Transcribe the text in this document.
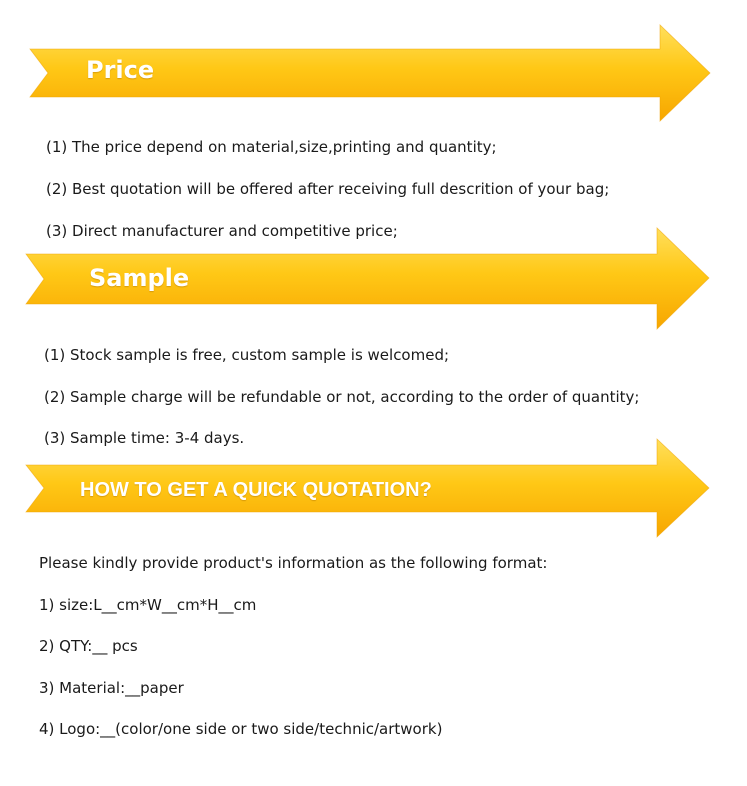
Price
(1) The price depend on material,size,printing and quantity;
(2) Best quotation will be offered after receiving full descrition of your bag;
(3) Direct manufacturer and competitive price;
Sample
(1) Stock sample is free, custom sample is welcomed;
(2) Sample charge will be refundable or not, according to the order of quantity;
(3) Sample time: 3-4 days.
HOW TO GET A QUICK QUOTATION?
Please kindly provide product's information as the following format:
1) size:L__cm*W__cm*H__cm
2) QTY:__ pcs
3) Material:__paper
4) Logo:__(color/one side or two side/technic/artwork)
